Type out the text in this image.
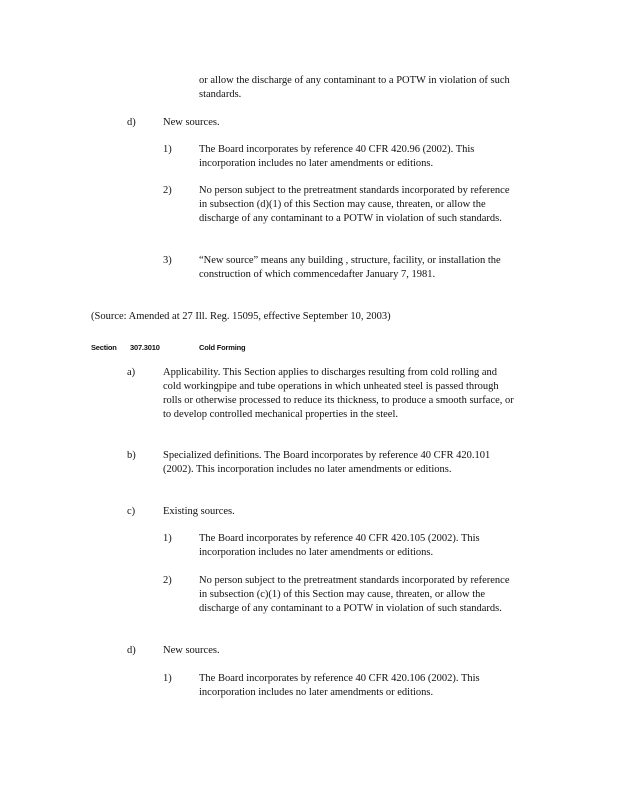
or allow the discharge of any contaminant to a POTW in violation of such standards.

d)	New sources.
1)	The Board incorporates by reference 40 CFR 420.96 (2002). This incorporation includes no later amendments or editions.

2)	No person subject to the pretreatment standards incorporated by reference in subsection (d)(1) of this Section may cause, threaten, or allow the discharge of any contaminant to a POTW in violation of such standards.

3)	“New source” means any building , structure, facility, or installation the construction of which commencedafter January 7, 1981.

(Source: Amended at 27 Ill. Reg. 15095, effective September 10, 2003)

Section 307.3010	Cold Forming
a)	Applicability. This Section applies to discharges resulting from cold rolling and cold workingpipe and tube operations in which unheated steel is passed through rolls or otherwise processed to reduce its thickness, to produce a smooth surface, or to develop controlled mechanical properties in the steel.

b)	Specialized definitions. The Board incorporates by reference 40 CFR 420.101 (2002). This incorporation includes no later amendments or editions.

c)	Existing sources.
1)	The Board incorporates by reference 40 CFR 420.105 (2002). This incorporation includes no later amendments or editions.

2)	No person subject to the pretreatment standards incorporated by reference in subsection (c)(1) of this Section may cause, threaten, or allow the discharge of any contaminant to a POTW in violation of such standards.

d)	New sources.
1)	The Board incorporates by reference 40 CFR 420.106 (2002). This incorporation includes no later amendments or editions.
